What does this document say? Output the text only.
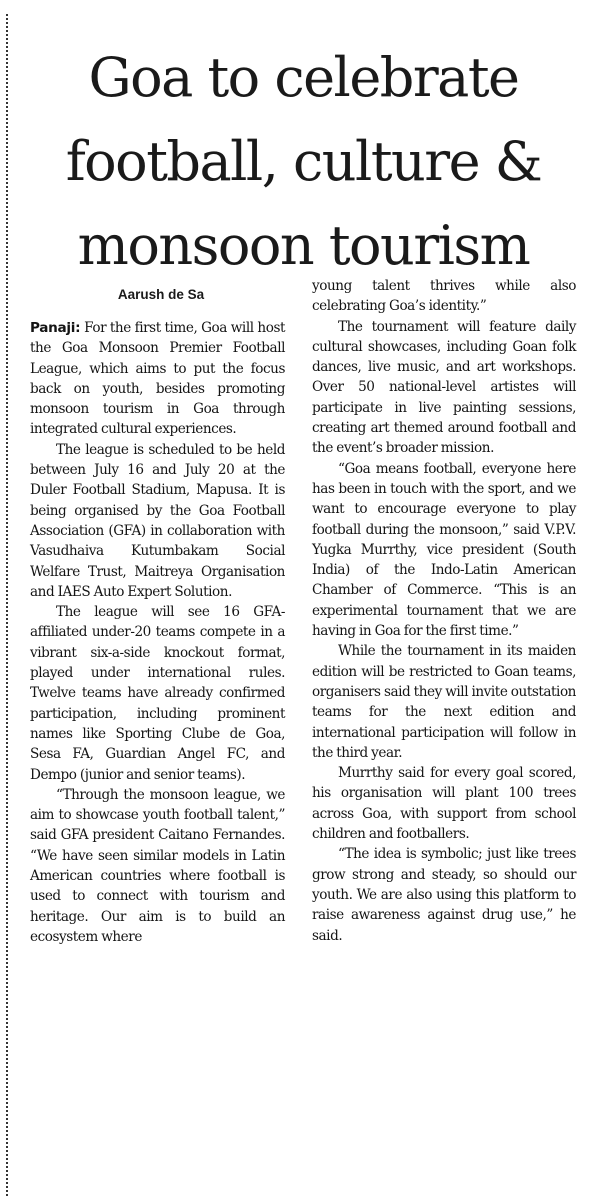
Goa to celebrate football, culture & monsoon tourism
Aarush de Sa

Panaji: For the first time, Goa will host the Goa Monsoon Premier Football League, which aims to put the focus back on youth, besides promoting monsoon tourism in Goa through integrated cultural experiences.

The league is scheduled to be held between July 16 and July 20 at the Duler Football Stadium, Mapusa. It is being organised by the Goa Football Association (GFA) in collaboration with Vasudhaiva Kutumbakam Social Welfare Trust, Maitreya Organisation and IAES Auto Expert Solution.

The league will see 16 GFA-affiliated under-20 teams compete in a vibrant six-a-side knockout format, played under international rules. Twelve teams have already confirmed participation, including prominent names like Sporting Clube de Goa, Sesa FA, Guardian Angel FC, and Dempo (junior and senior teams).

“Through the monsoon league, we aim to showcase youth football talent,” said GFA president Caitano Fernandes. “We have seen similar models in Latin American countries where football is used to connect with tourism and heritage. Our aim is to build an ecosystem where

young talent thrives while also celebrating Goa’s identity.”

The tournament will feature daily cultural showcases, including Goan folk dances, live music, and art workshops. Over 50 national-level artistes will participate in live painting sessions, creating art themed around football and the event’s broader mission.

“Goa means football, everyone here has been in touch with the sport, and we want to encourage everyone to play football during the monsoon,” said V.P.V. Yugka Murrthy, vice president (South India) of the Indo-Latin American Chamber of Commerce. “This is an experimental tournament that we are having in Goa for the first time.”

While the tournament in its maiden edition will be restricted to Goan teams, organisers said they will invite outstation teams for the next edition and international participation will follow in the third year.

Murrthy said for every goal scored, his organisation will plant 100 trees across Goa, with support from school children and footballers.

“The idea is symbolic; just like trees grow strong and steady, so should our youth. We are also using this platform to raise awareness against drug use,” he said.
